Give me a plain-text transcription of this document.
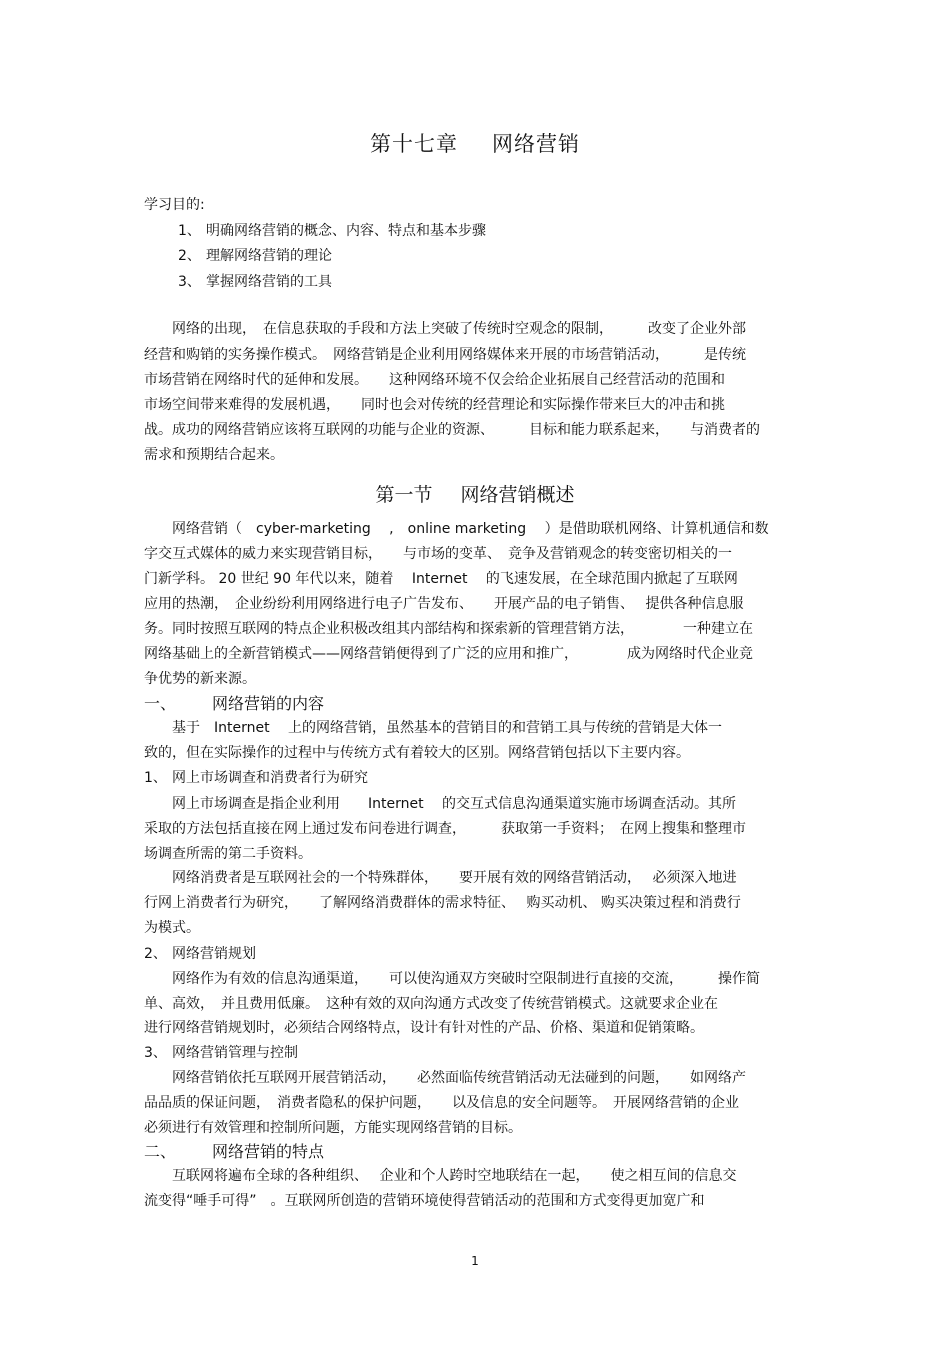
第十七章 网络营销
学习目的:
1、 明确网络营销的概念、内容、特点和基本步骤
2、 理解网络营销的理论
3、 掌握网络营销的工具
　　网络的出现，　在信息获取的手段和方法上突破了传统时空观念的限制，　　　改变了企业外部
经营和购销的实务操作模式。　网络营销是企业利用网络媒体来开展的市场营销活动，　　　是传统
市场营销在网络时代的延伸和发展。　　这种网络环境不仅会给企业拓展自己经营活动的范围和
市场空间带来难得的发展机遇，　　同时也会对传统的经营理论和实际操作带来巨大的冲击和挑
战。成功的网络营销应该将互联网的功能与企业的资源、　　　目标和能力联系起来，　　与消费者的
需求和预期结合起来。
第一节 网络营销概述
　　网络营销（　cyber-marketing　 ,　online marketing　 ）是借助联机网络、计算机通信和数
字交互式媒体的威力来实现营销目标，　　与市场的变革、　竞争及营销观念的转变密切相关的一
门新学科。 20 世纪 90 年代以来，随着　 Internet　 的飞速发展，在全球范围内掀起了互联网
应用的热潮，　企业纷纷利用网络进行电子广告发布、　　开展产品的电子销售、　 提供各种信息服
务。同时按照互联网的特点企业积极改组其内部结构和探索新的管理营销方法，　　　　一种建立在
网络基础上的全新营销模式——网络营销便得到了广泛的应用和推广，　　　　成为网络时代企业竞
争优势的新来源。
一、 网络营销的内容
　　基于　Internet　 上的网络营销，虽然基本的营销目的和营销工具与传统的营销是大体一
致的，但在实际操作的过程中与传统方式有着较大的区别。网络营销包括以下主要内容。
1、 网上市场调查和消费者行为研究
　　网上市场调查是指企业利用　　Internet　 的交互式信息沟通渠道实施市场调查活动。其所
采取的方法包括直接在网上通过发布问卷进行调查，　　　获取第一手资料；　在网上搜集和整理市
场调查所需的第二手资料。
　　网络消费者是互联网社会的一个特殊群体，　　要开展有效的网络营销活动，　 必须深入地进
行网上消费者行为研究，　　了解网络消费群体的需求特征、　 购买动机、 购买决策过程和消费行
为模式。
2、 网络营销规划
　　网络作为有效的信息沟通渠道，　　可以使沟通双方突破时空限制进行直接的交流，　　　操作简
单、高效，　并且费用低廉。　这种有效的双向沟通方式改变了传统营销模式。这就要求企业在
进行网络营销规划时，必须结合网络特点，设计有针对性的产品、价格、渠道和促销策略。
3、 网络营销管理与控制
　　网络营销依托互联网开展营销活动，　　必然面临传统营销活动无法碰到的问题，　　如网络产
品品质的保证问题，　消费者隐私的保护问题，　　以及信息的安全问题等。　开展网络营销的企业
必须进行有效管理和控制所问题，方能实现网络营销的目标。
二、 网络营销的特点
　　互联网将遍布全球的各种组织、　 企业和个人跨时空地联结在一起，　　使之相互间的信息交
流变得“唾手可得”　。互联网所创造的营销环境使得营销活动的范围和方式变得更加宽广和
1
